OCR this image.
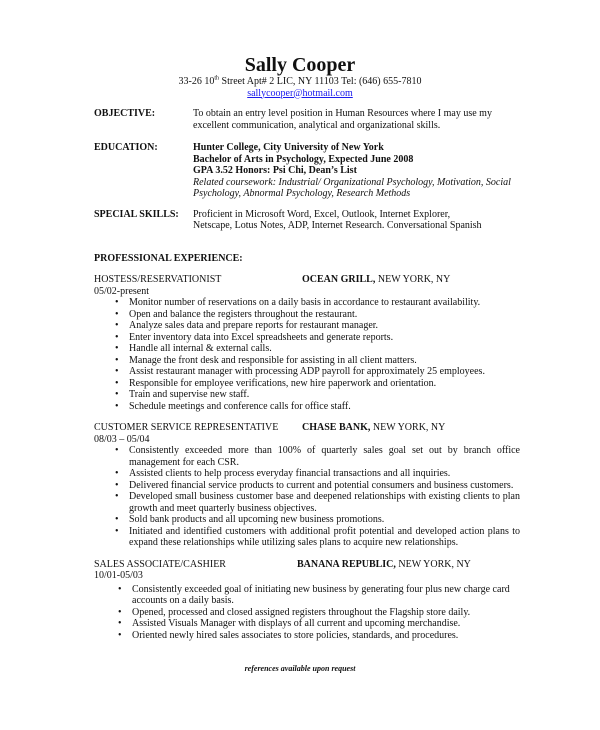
Sally Cooper
33-26 10th Street Apt# 2 LIC, NY 11103 Tel: (646) 655-7810
sallycooper@hotmail.com
OBJECTIVE:	To obtain an entry level position in Human Resources where I may use my
excellent communication, analytical and organizational skills.
EDUCATION:	Hunter College, City University of New York
Bachelor of Arts in Psychology, Expected June 2008
GPA 3.52 Honors: Psi Chi, Dean’s List
Related coursework: Industrial/ Organizational Psychology, Motivation, Social Psychology, Abnormal Psychology, Research Methods
SPECIAL SKILLS:	Proficient in Microsoft Word, Excel, Outlook, Internet Explorer,
Netscape, Lotus Notes, ADP, Internet Research. Conversational Spanish
PROFESSIONAL EXPERIENCE:
HOSTESS/RESERVATIONIST	OCEAN GRILL, NEW YORK, NY
05/02-present
• Monitor number of reservations on a daily basis in accordance to restaurant availability.
• Open and balance the registers throughout the restaurant.
• Analyze sales data and prepare reports for restaurant manager.
• Enter inventory data into Excel spreadsheets and generate reports.
• Handle all internal & external calls.
• Manage the front desk and responsible for assisting in all client matters.
• Assist restaurant manager with processing ADP payroll for approximately 25 employees.
• Responsible for employee verifications, new hire paperwork and orientation.
• Train and supervise new staff.
• Schedule meetings and conference calls for office staff.
CUSTOMER SERVICE REPRESENTATIVE	CHASE BANK, NEW YORK, NY
08/03 – 05/04
• Consistently exceeded more than 100% of quarterly sales goal set out by branch office management for each CSR.
• Assisted clients to help process everyday financial transactions and all inquiries.
• Delivered financial service products to current and potential consumers and business customers.
• Developed small business customer base and deepened relationships with existing clients to plan growth and meet quarterly business objectives.
• Sold bank products and all upcoming new business promotions.
• Initiated and identified customers with additional profit potential and developed action plans to expand these relationships while utilizing sales plans to acquire new relationships.
SALES ASSOCIATE/CASHIER	BANANA REPUBLIC, NEW YORK, NY
10/01-05/03
• Consistently exceeded goal of initiating new business by generating four plus new charge card accounts on a daily basis.
• Opened, processed and closed assigned registers throughout the Flagship store daily.
• Assisted Visuals Manager with displays of all current and upcoming merchandise.
• Oriented newly hired sales associates to store policies, standards, and procedures.
references available upon request
